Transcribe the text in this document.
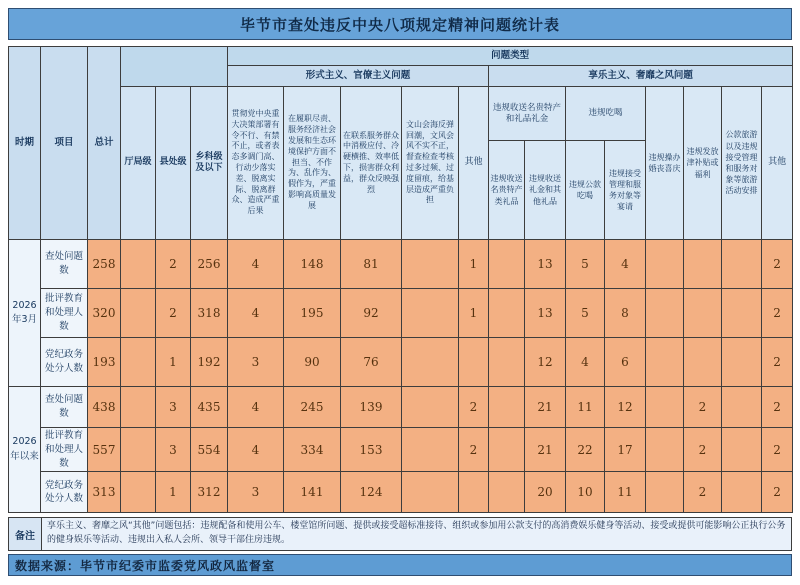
毕节市查处违反中央八项规定精神问题统计表
时期	项目	总计				问题类型												
						形式主义、官僚主义问题					享乐主义、奢靡之风问题							
			厅局级	县处级	乡科级及以下	贯彻党中央重大决策部署有令不行、有禁不止，或者表态多调门高、行动少落实差、脱离实际、脱离群众、造成严重后果	在履职尽责、服务经济社会发展和生态环境保护方面不担当、不作为、乱作为、假作为，严重影响高质量发展	在联系服务群众中消极应付、冷硬横推、效率低下，损害群众利益，群众反映强烈	文山会海反弹回潮，文风会风不实不正，督查检查考核过多过频、过度留痕，给基层造成严重负担	其他	违规收送名贵特产和礼品礼金		违规吃喝		违规操办婚丧喜庆	违规发放津补贴或福利	公款旅游以及违规接受管理和服务对象等旅游活动安排	其他
											违规收送名贵特产类礼品	违规收送礼金和其他礼品	违规公款吃喝	违规接受管理和服务对象等宴请				
2026年3月	查处问题数	258		2	256	4	148	81		1		13	5	4				2
	批评教育和处理人数	320		2	318	4	195	92		1		13	5	8				2
	党纪政务处分人数	193		1	192	3	90	76				12	4	6				2
2026年以来	查处问题数	438		3	435	4	245	139		2		21	11	12		2		2
	批评教育和处理人数	557		3	554	4	334	153		2		21	22	17		2		2
	党纪政务处分人数	313		1	312	3	141	124				20	10	11		2		2
备注
享乐主义、奢靡之风“其他”问题包括：违规配备和使用公车、楼堂馆所问题、提供或接受超标准接待、组织或参加用公款支付的高消费娱乐健身等活动、接受或提供可能影响公正执行公务的健身娱乐等活动、违规出入私人会所、领导干部住房违规。
数据来源：毕节市纪委市监委党风政风监督室
